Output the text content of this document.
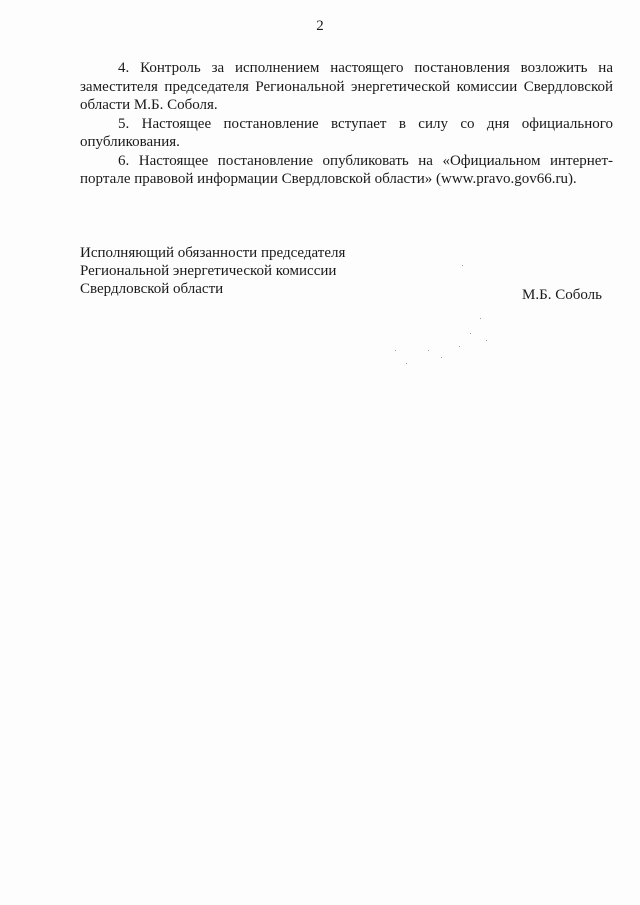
2

4. Контроль за исполнением настоящего постановления возложить на заместителя председателя Региональной энергетической комиссии Свердловской области М.Б. Соболя.

5. Настоящее постановление вступает в силу со дня официального опубликования.

6. Настоящее постановление опубликовать на «Официальном интернет-портале правовой информации Свердловской области» (www.pravo.gov66.ru).

Исполняющий обязанности председателя

Региональной энергетической комиссии

Свердловской области	М.Б. Соболь
